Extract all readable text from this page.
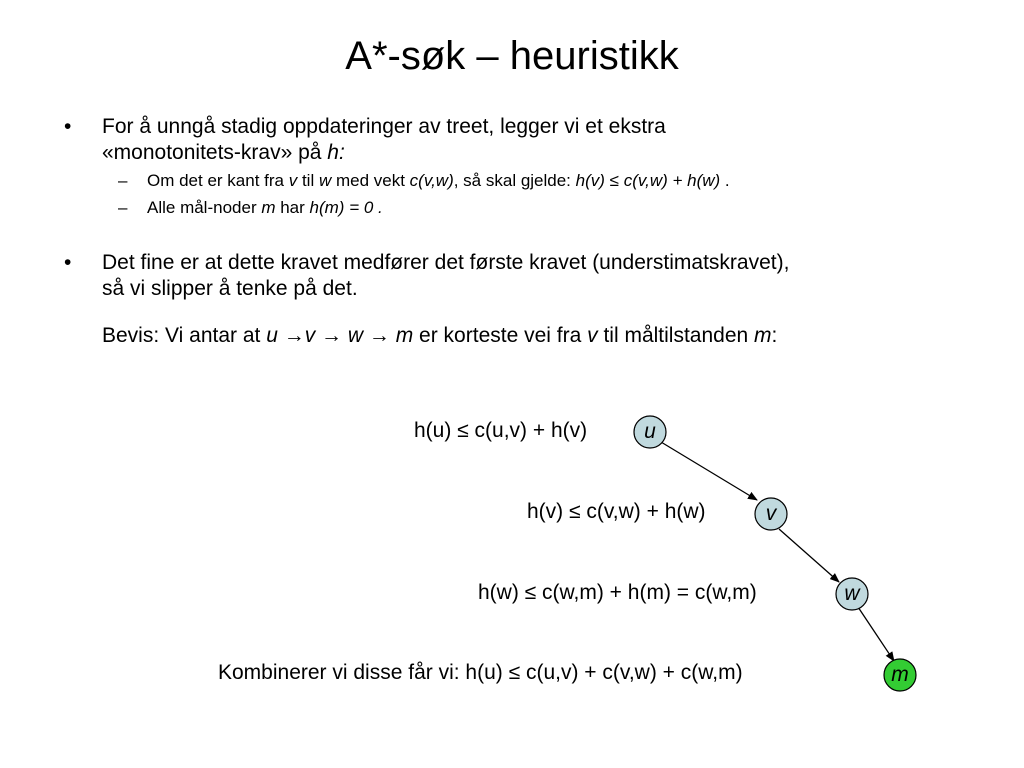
A*-søk – heuristikk
• For å unngå stadig oppdateringer av treet, legger vi et ekstra
«monotonitets-krav» på h:
– Om det er kant fra v til w med vekt c(v,w), så skal gjelde: h(v) ≤ c(v,w) + h(w) .
– Alle mål-noder m har h(m) = 0 .
• Det fine er at dette kravet medfører det første kravet (understimatskravet),
så vi slipper å tenke på det.
Bevis: Vi antar at u →v → w → m er korteste vei fra v til måltilstanden m:
h(u) ≤ c(u,v) + h(v)
h(v) ≤ c(v,w) + h(w)
h(w) ≤ c(w,m) + h(m) = c(w,m)
Kombinerer vi disse får vi: h(u) ≤ c(u,v) + c(v,w) + c(w,m)
u
v
w
m
